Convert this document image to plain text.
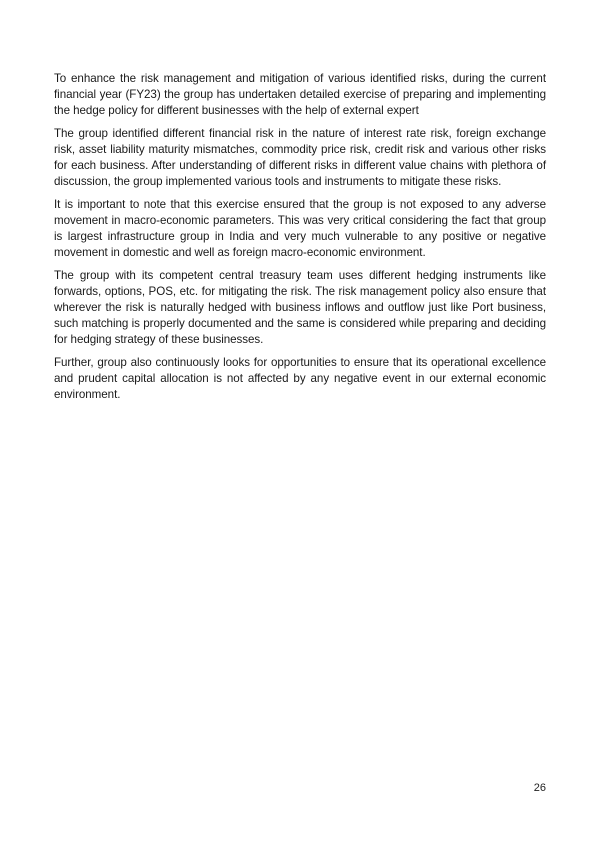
To enhance the risk management and mitigation of various identified risks, during the current financial year (FY23) the group has undertaken detailed exercise of preparing and implementing the hedge policy for different businesses with the help of external expert

The group identified different financial risk in the nature of interest rate risk, foreign exchange risk, asset liability maturity mismatches, commodity price risk, credit risk and various other risks for each business. After understanding of different risks in different value chains with plethora of discussion, the group implemented various tools and instruments to mitigate these risks.

It is important to note that this exercise ensured that the group is not exposed to any adverse movement in macro-economic parameters. This was very critical considering the fact that group is largest infrastructure group in India and very much vulnerable to any positive or negative movement in domestic and well as foreign macro-economic environment.

The group with its competent central treasury team uses different hedging instruments like forwards, options, POS, etc. for mitigating the risk. The risk management policy also ensure that wherever the risk is naturally hedged with business inflows and outflow just like Port business, such matching is properly documented and the same is considered while preparing and deciding for hedging strategy of these businesses.

Further, group also continuously looks for opportunities to ensure that its operational excellence and prudent capital allocation is not affected by any negative event in our external economic environment.

26
